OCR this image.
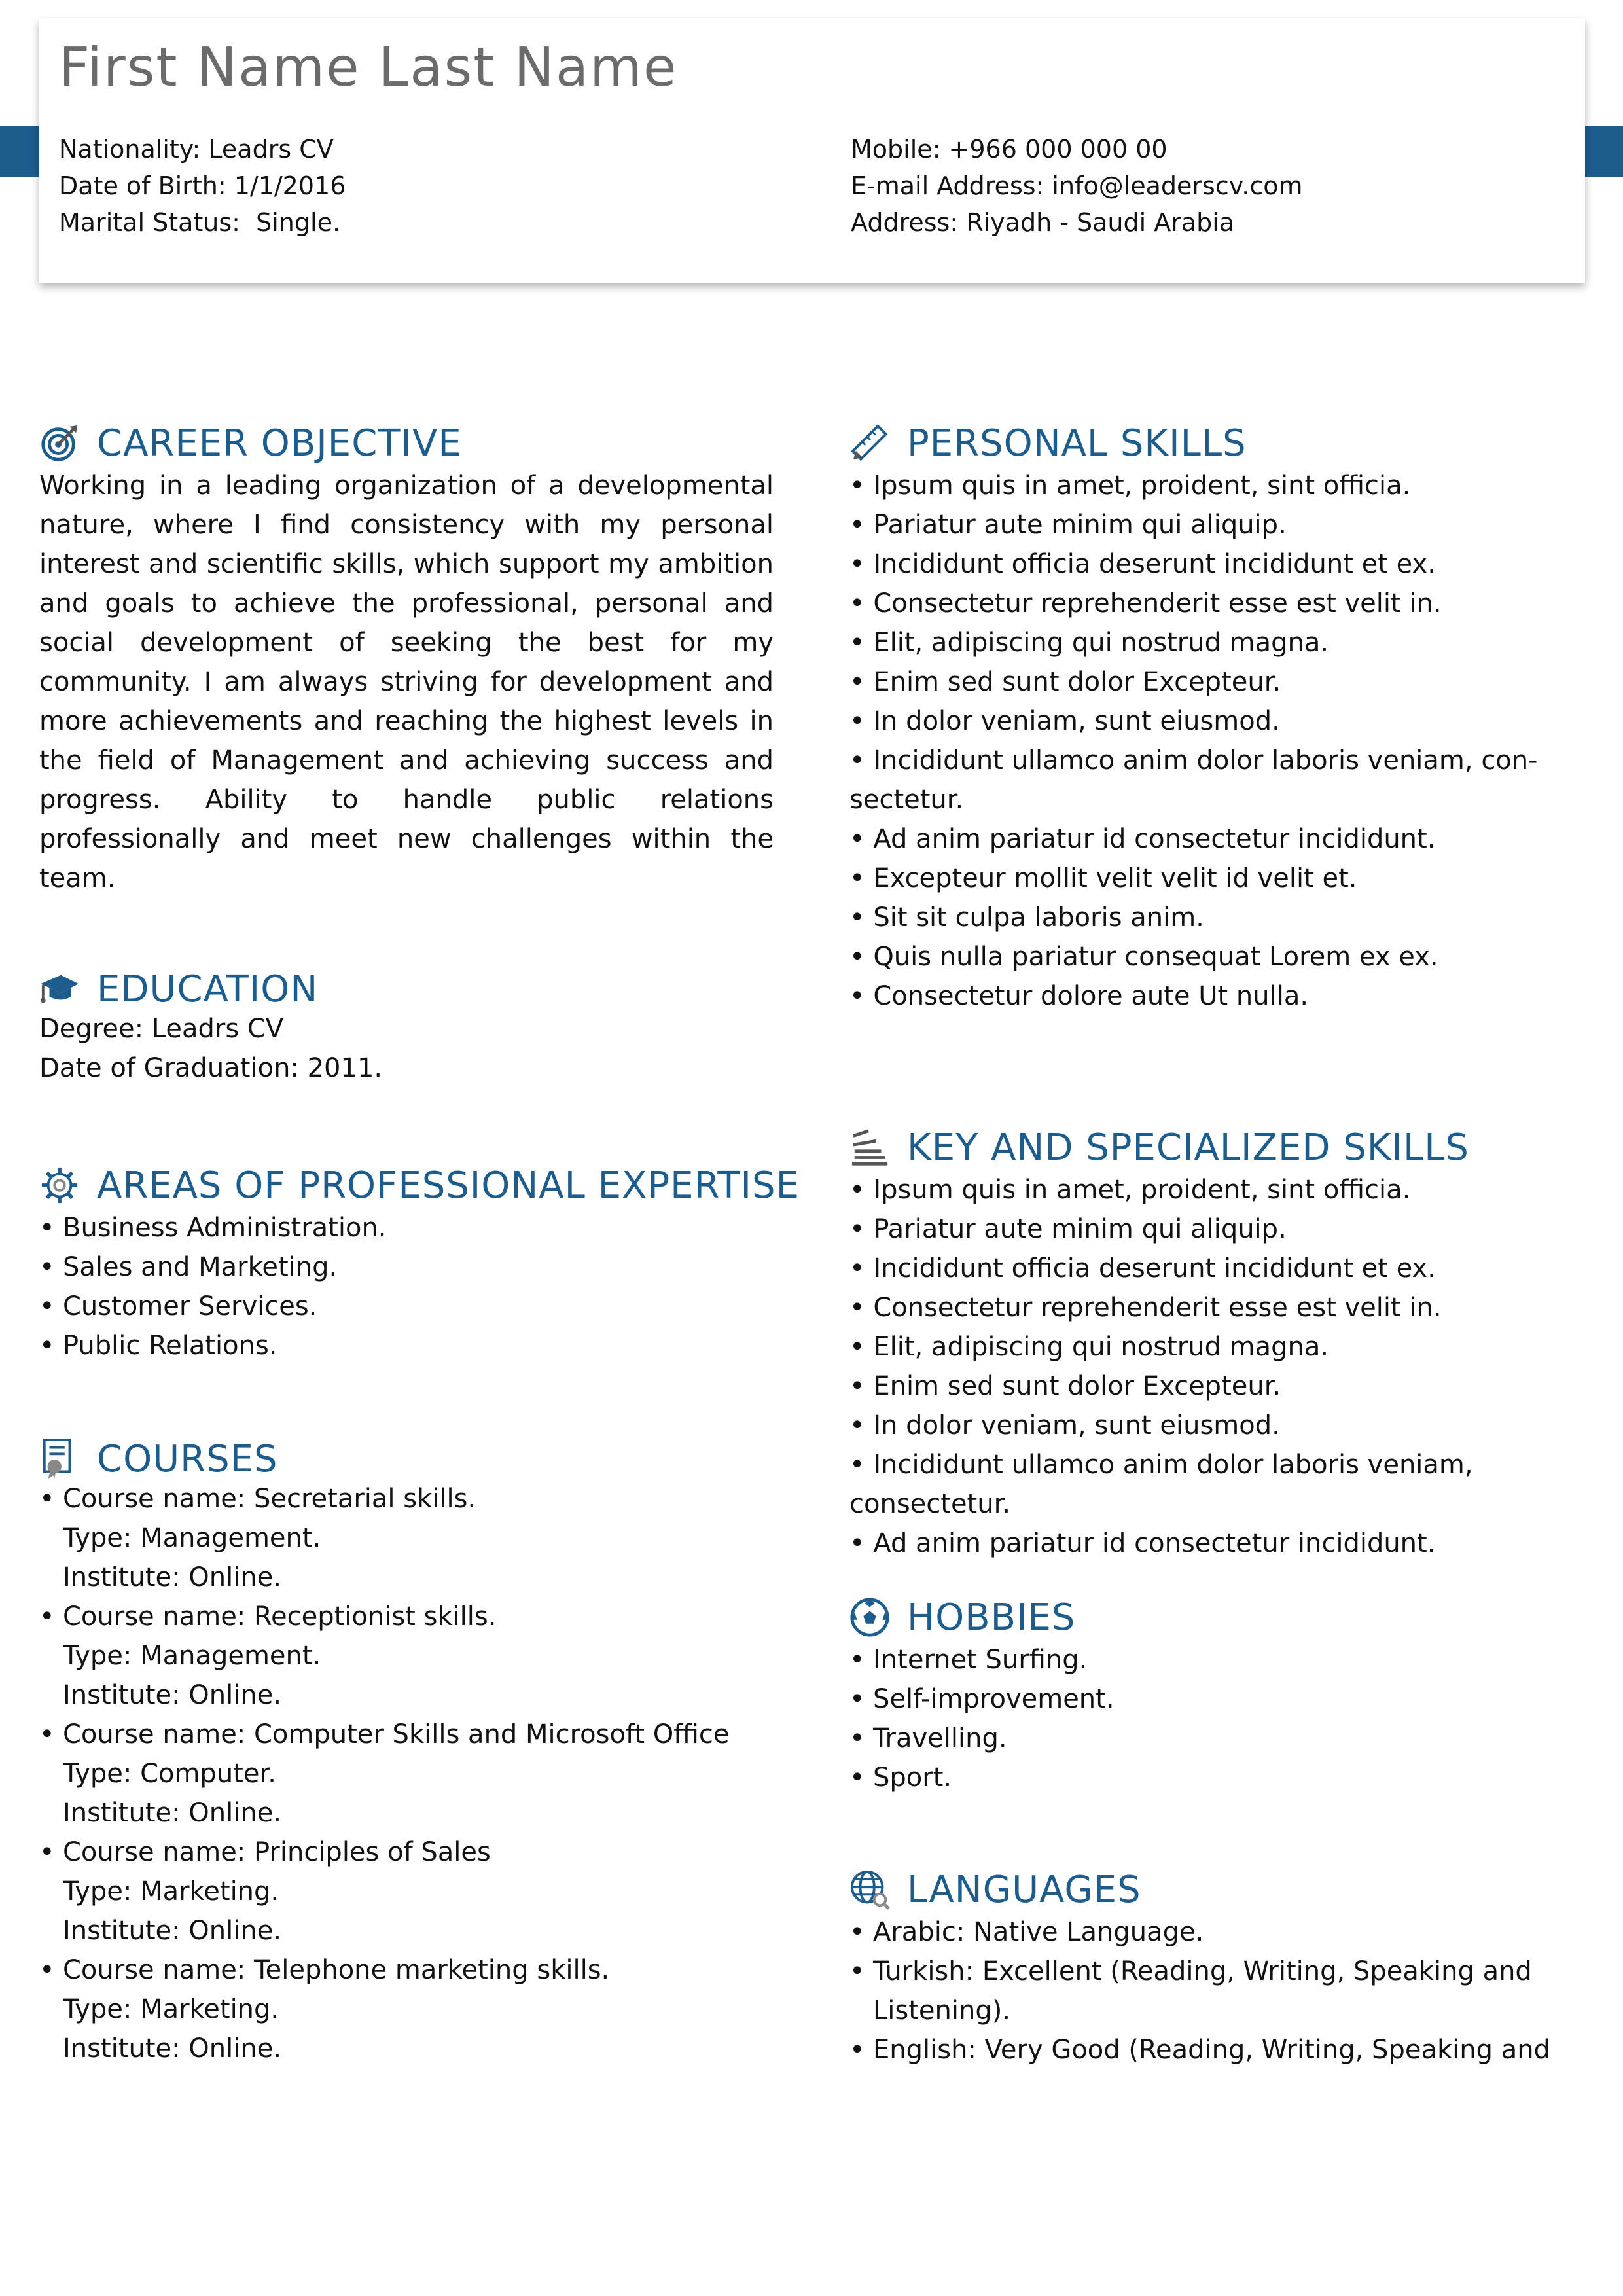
First Name Last Name
Nationality: Leadrs CV
Date of Birth: 1/1/2016
Marital Status:  Single.
Mobile: +966 000 000 00
E-mail Address: info@leaderscv.com
Address: Riyadh - Saudi Arabia
CAREER OBJECTIVE

Working in a leading organization of a developmental nature, where I find consistency with my personal interest and scientific skills, which support my ambition and goals to achieve the professional, personal and social development of seeking the best for my community. I am always striving for development and more achievements and reaching the highest levels in the field of Management and achieving success and progress. Ability to handle public relations professionally and meet new challenges within the team.

EDUCATION
Degree: Leadrs CV
Date of Graduation: 2011.
AREAS OF PROFESSIONAL EXPERTISE
• Business Administration.
• Sales and Marketing.
• Customer Services.
• Public Relations.
COURSES
• Course name: Secretarial skills.
Type: Management.
Institute: Online.
• Course name: Receptionist skills.
Type: Management.
Institute: Online.
• Course name: Computer Skills and Microsoft Office
Type: Computer.
Institute: Online.
• Course name: Principles of Sales
Type: Marketing.
Institute: Online.
• Course name: Telephone marketing skills.
Type: Marketing.
Institute: Online.
PERSONAL SKILLS
• Ipsum quis in amet, proident, sint officia.
• Pariatur aute minim qui aliquip.
• Incididunt officia deserunt incididunt et ex.
• Consectetur reprehenderit esse est velit in.
• Elit, adipiscing qui nostrud magna.
• Enim sed sunt dolor Excepteur.
• In dolor veniam, sunt eiusmod.
• Incididunt ullamco anim dolor laboris veniam, con-sectetur.
• Ad anim pariatur id consectetur incididunt.
• Excepteur mollit velit velit id velit et.
• Sit sit culpa laboris anim.
• Quis nulla pariatur consequat Lorem ex ex.
• Consectetur dolore aute Ut nulla.
KEY AND SPECIALIZED SKILLS
• Ipsum quis in amet, proident, sint officia.
• Pariatur aute minim qui aliquip.
• Incididunt officia deserunt incididunt et ex.
• Consectetur reprehenderit esse est velit in.
• Elit, adipiscing qui nostrud magna.
• Enim sed sunt dolor Excepteur.
• In dolor veniam, sunt eiusmod.
• Incididunt ullamco anim dolor laboris veniam, consectetur.
• Ad anim pariatur id consectetur incididunt.
HOBBIES
• Internet Surfing.
• Self-improvement.
• Travelling.
• Sport.
LANGUAGES
• Arabic: Native Language.
• Turkish: Excellent (Reading, Writing, Speaking and Listening).
• English: Very Good (Reading, Writing, Speaking and
